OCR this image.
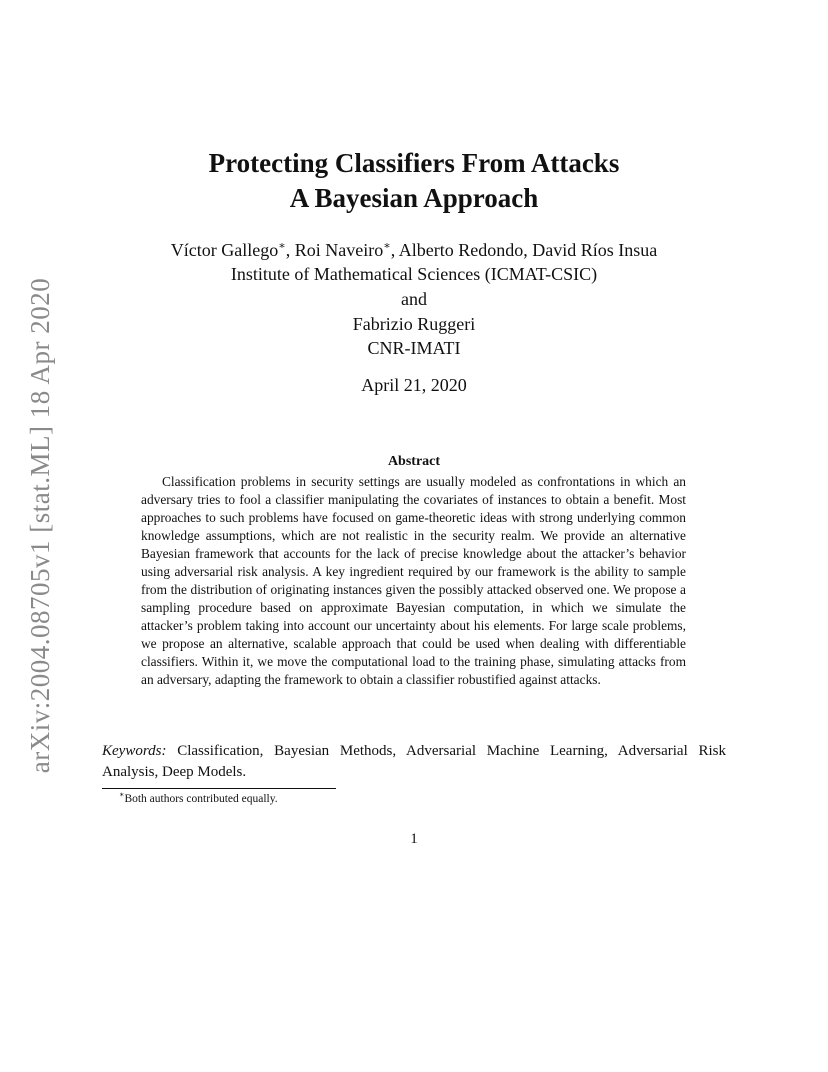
arXiv:2004.08705v1 [stat.ML] 18 Apr 2020
Protecting Classifiers From Attacks
A Bayesian Approach
Víctor Gallego∗, Roi Naveiro∗, Alberto Redondo, David Ríos Insua
Institute of Mathematical Sciences (ICMAT-CSIC)
and
Fabrizio Ruggeri
CNR-IMATI
April 21, 2020
Abstract

Classification problems in security settings are usually modeled as confrontations in which an adversary tries to fool a classifier manipulating the covariates of instances to obtain a benefit. Most approaches to such problems have focused on game-theoretic ideas with strong underlying common knowledge assumptions, which are not realistic in the security realm. We provide an alternative Bayesian framework that accounts for the lack of precise knowledge about the attacker’s behavior using adversarial risk analysis. A key ingredient required by our framework is the ability to sample from the distribution of originating instances given the possibly attacked observed one. We propose a sampling procedure based on approximate Bayesian computation, in which we simulate the attacker’s problem taking into account our uncertainty about his elements. For large scale problems, we propose an alternative, scalable approach that could be used when dealing with differentiable classifiers. Within it, we move the computational load to the training phase, simulating attacks from an adversary, adapting the framework to obtain a classifier robustified against attacks.

Keywords: Classification, Bayesian Methods, Adversarial Machine Learning, Adversarial Risk Analysis, Deep Models.

∗Both authors contributed equally.
1
